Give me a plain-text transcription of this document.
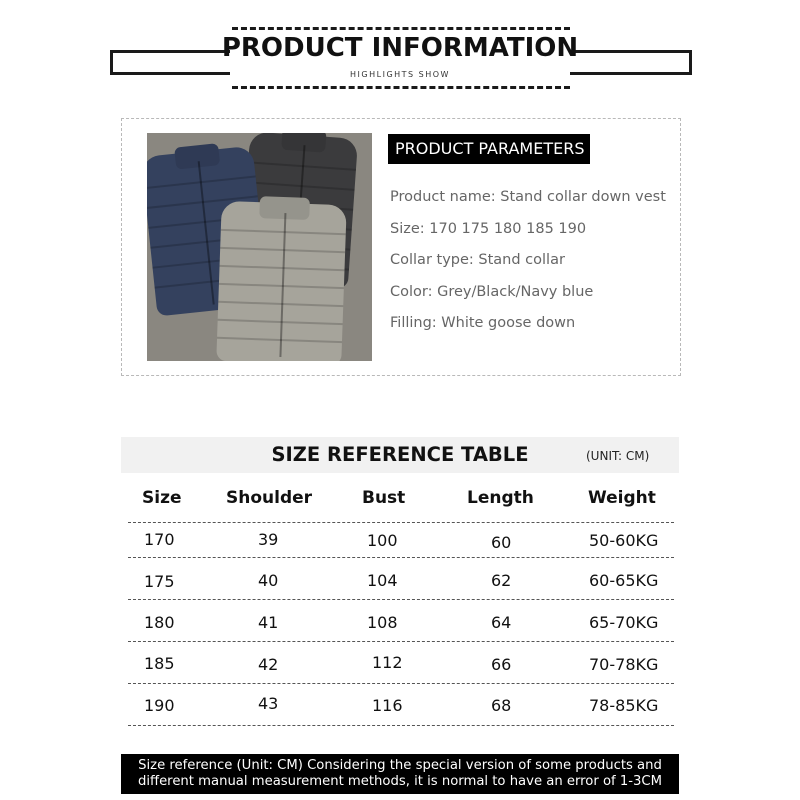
PRODUCT INFORMATION
HIGHLIGHTS SHOW
PRODUCT PARAMETERS
Product name: Stand collar down vest
Size: 170 175 180 185 190
Collar type: Stand collar
Color: Grey/Black/Navy blue
Filling: White goose down
SIZE REFERENCE TABLE	(UNIT: CM)
Size	Shoulder	Bust	Length	Weight
170	39	100	60	50-60KG
175	40	104	62	60-65KG
180	41	108	64	65-70KG
185	42	112	66	70-78KG
190	43	116	68	78-85KG
Size reference (Unit: CM) Considering the special version of some products and
different manual measurement methods, it is normal to have an error of 1-3CM
